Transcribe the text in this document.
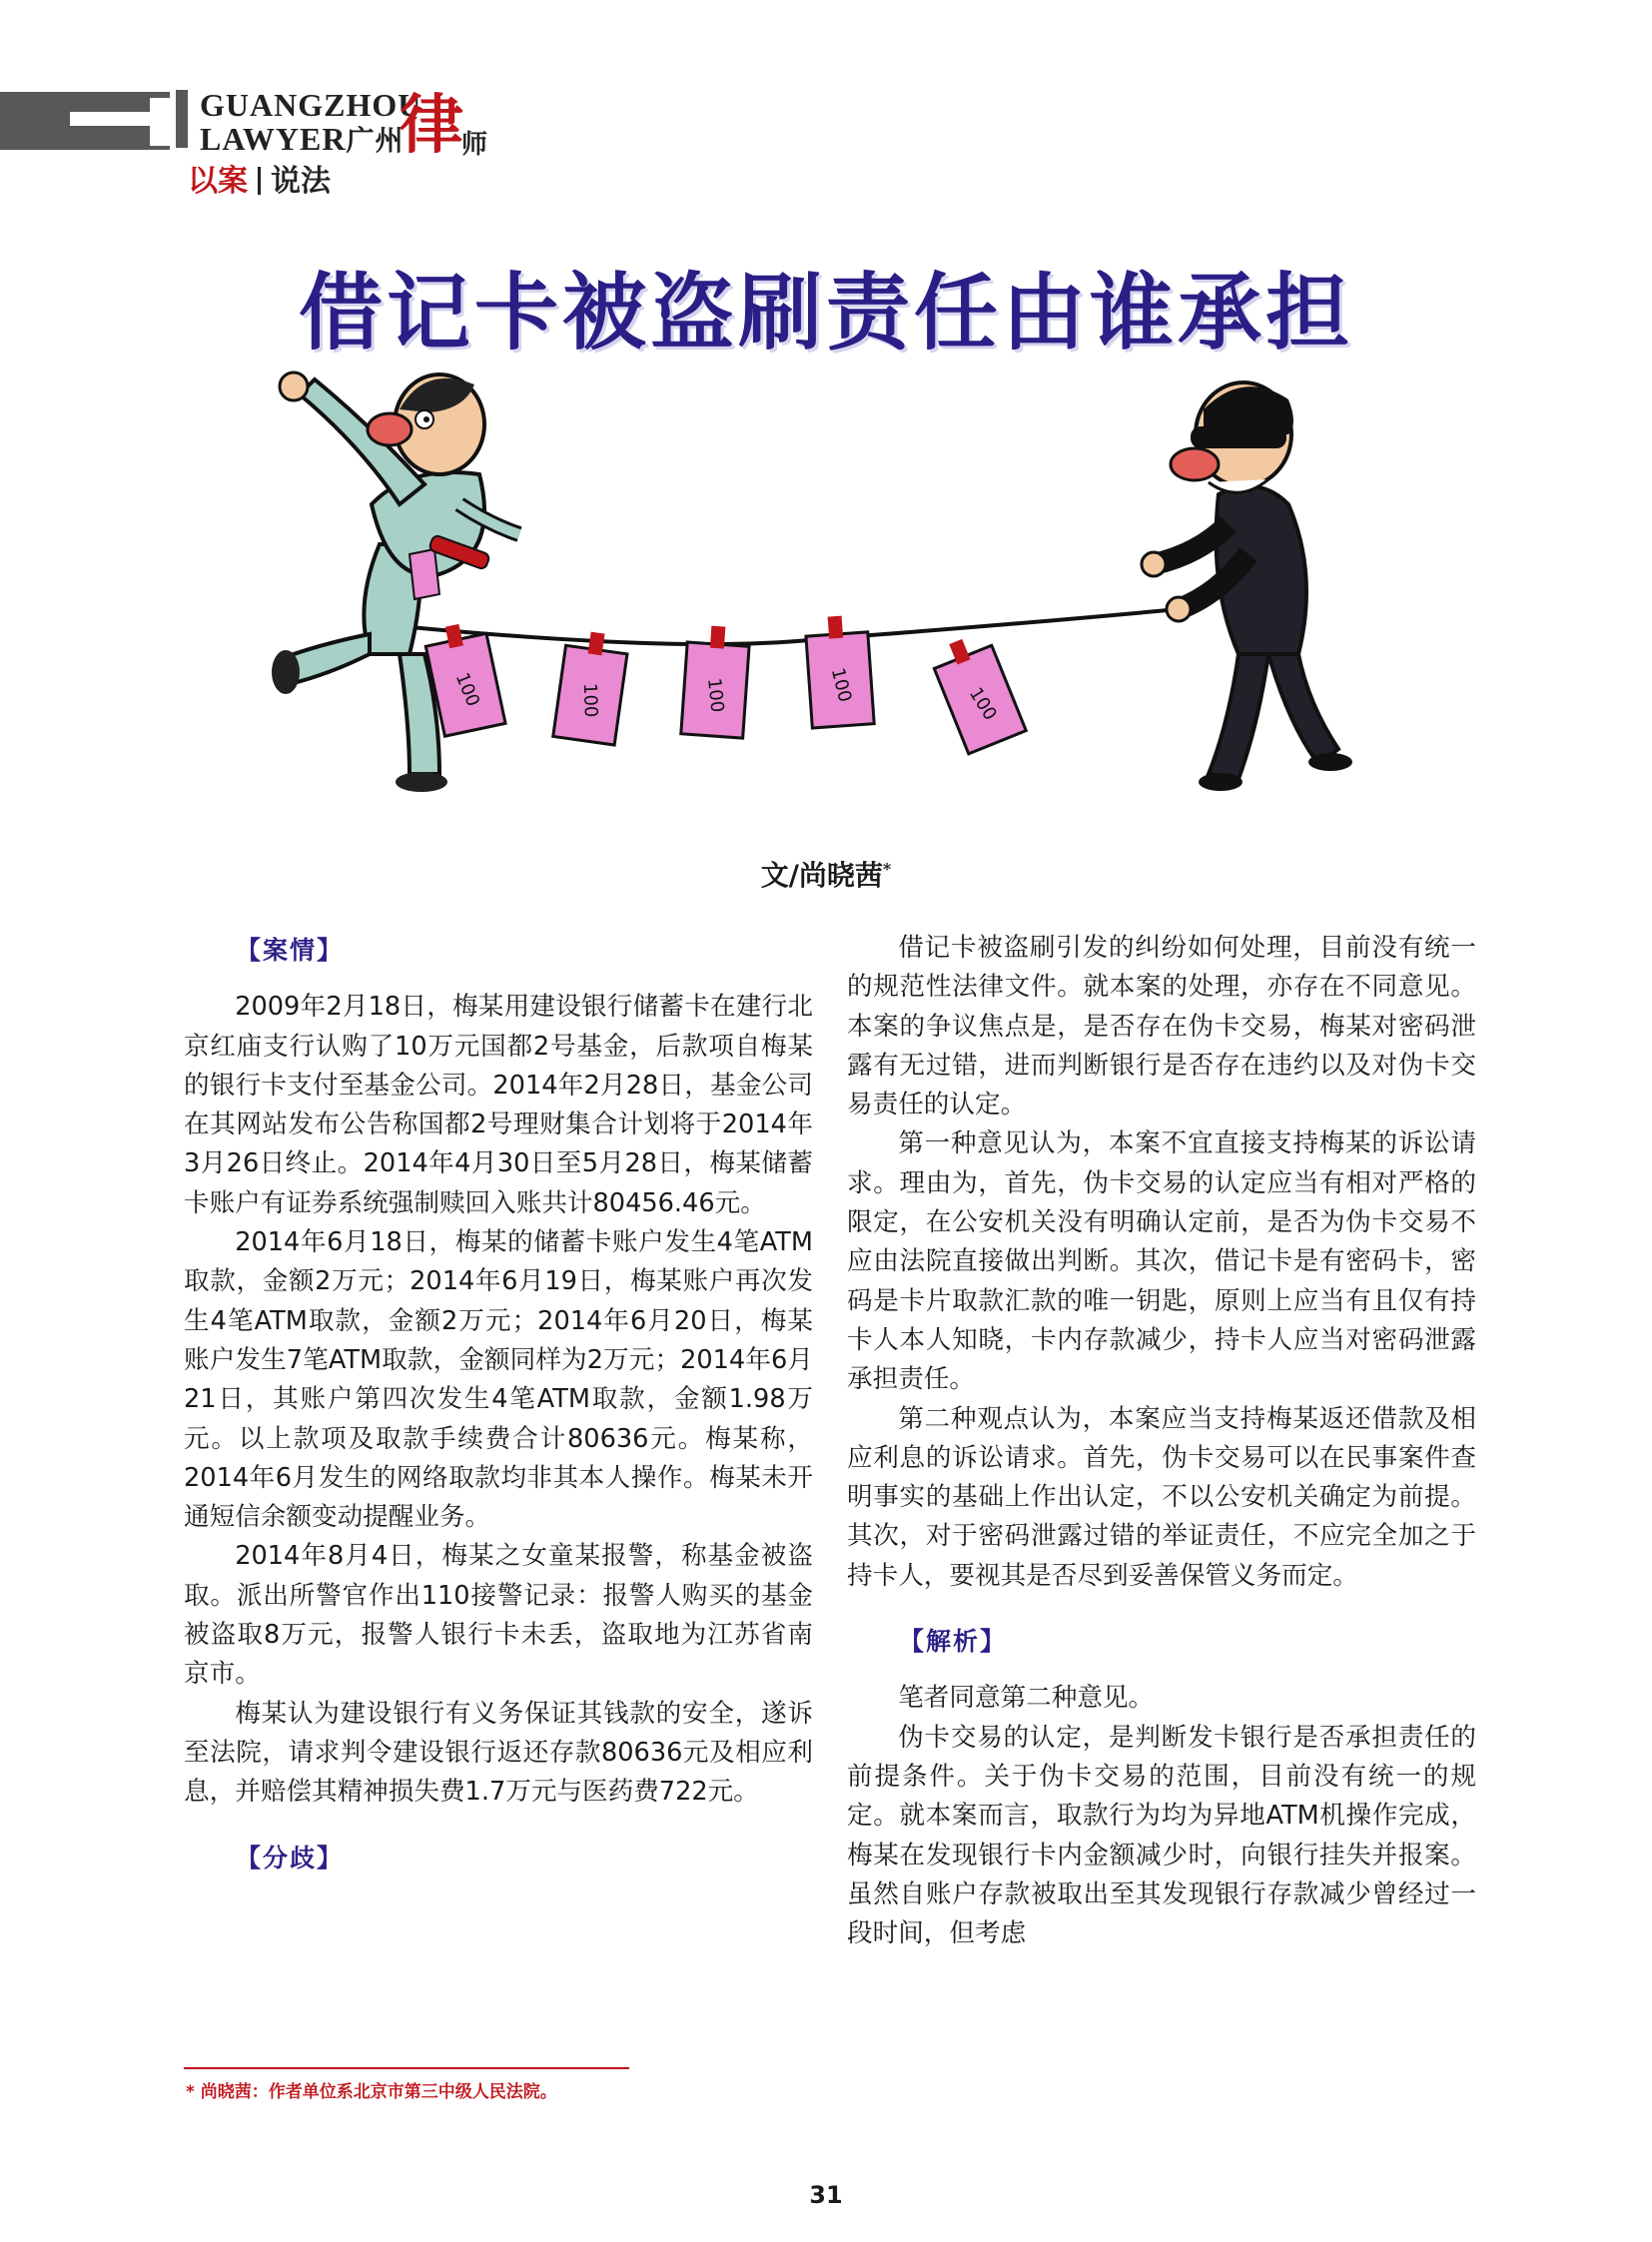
GUANGZHOU
LAWYER广州
律
师
以案 说法
借记卡被盗刷责任由谁承担
100	100	100	100	100
文/尚晓茜*
【案情】

2009年2月18日，梅某用建设银行储蓄卡在建行北京红庙支行认购了10万元国都2号基金，后款项自梅某的银行卡支付至基金公司。2014年2月28日，基金公司在其网站发布公告称国都2号理财集合计划将于2014年3月26日终止。2014年4月30日至5月28日，梅某储蓄卡账户有证券系统强制赎回入账共计80456.46元。

2014年6月18日，梅某的储蓄卡账户发生4笔ATM取款，金额2万元；2014年6月19日，梅某账户再次发生4笔ATM取款，金额2万元；2014年6月20日，梅某账户发生7笔ATM取款，金额同样为2万元；2014年6月21日，其账户第四次发生4笔ATM取款，金额1.98万元。以上款项及取款手续费合计80636元。梅某称，2014年6月发生的网络取款均非其本人操作。梅某未开通短信余额变动提醒业务。

2014年8月4日，梅某之女童某报警，称基金被盗取。派出所警官作出110接警记录：报警人购买的基金被盗取8万元，报警人银行卡未丢，盗取地为江苏省南京市。

梅某认为建设银行有义务保证其钱款的安全，遂诉至法院，请求判令建设银行返还存款80636元及相应利息，并赔偿其精神损失费1.7万元与医药费722元。

【分歧】

借记卡被盗刷引发的纠纷如何处理，目前没有统一的规范性法律文件。就本案的处理，亦存在不同意见。本案的争议焦点是，是否存在伪卡交易，梅某对密码泄露有无过错，进而判断银行是否存在违约以及对伪卡交易责任的认定。

第一种意见认为，本案不宜直接支持梅某的诉讼请求。理由为，首先，伪卡交易的认定应当有相对严格的限定，在公安机关没有明确认定前，是否为伪卡交易不应由法院直接做出判断。其次，借记卡是有密码卡，密码是卡片取款汇款的唯一钥匙，原则上应当有且仅有持卡人本人知晓，卡内存款减少，持卡人应当对密码泄露承担责任。

第二种观点认为，本案应当支持梅某返还借款及相应利息的诉讼请求。首先，伪卡交易可以在民事案件查明事实的基础上作出认定，不以公安机关确定为前提。其次，对于密码泄露过错的举证责任，不应完全加之于持卡人，要视其是否尽到妥善保管义务而定。

【解析】

笔者同意第二种意见。

伪卡交易的认定，是判断发卡银行是否承担责任的前提条件。关于伪卡交易的范围，目前没有统一的规定。就本案而言，取款行为均为异地ATM机操作完成，梅某在发现银行卡内金额减少时，向银行挂失并报案。虽然自账户存款被取出至其发现银行存款减少曾经过一段时间，但考虑

* 尚晓茜：作者单位系北京市第三中级人民法院。
31
